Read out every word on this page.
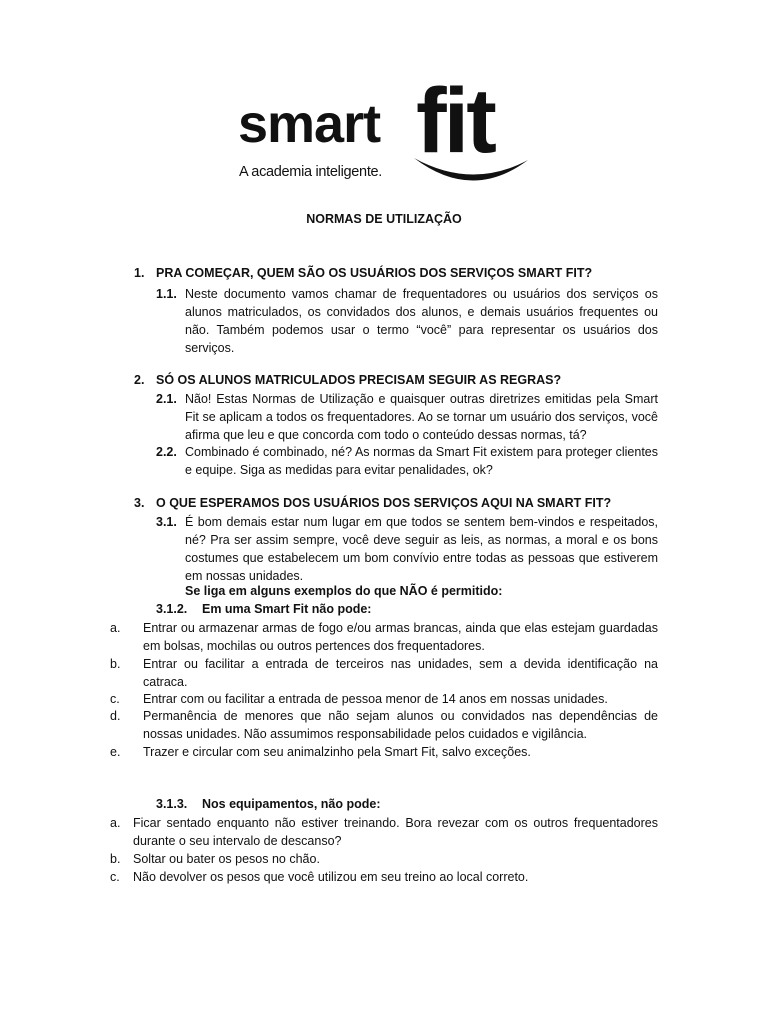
smart fit
A academia inteligente.
NORMAS DE UTILIZAÇÃO
1. PRA COMEÇAR, QUEM SÃO OS USUÁRIOS DOS SERVIÇOS SMART FIT?
1.1. Neste documento vamos chamar de frequentadores ou usuários dos serviços os alunos matriculados, os convidados dos alunos, e demais usuários frequentes ou não. Também podemos usar o termo “você” para representar os usuários dos serviços.
2. SÓ OS ALUNOS MATRICULADOS PRECISAM SEGUIR AS REGRAS?
2.1. Não! Estas Normas de Utilização e quaisquer outras diretrizes emitidas pela Smart Fit se aplicam a todos os frequentadores. Ao se tornar um usuário dos serviços, você afirma que leu e que concorda com todo o conteúdo dessas normas, tá?
2.2. Combinado é combinado, né? As normas da Smart Fit existem para proteger clientes e equipe. Siga as medidas para evitar penalidades, ok?
3. O QUE ESPERAMOS DOS USUÁRIOS DOS SERVIÇOS AQUI NA SMART FIT?
3.1. É bom demais estar num lugar em que todos se sentem bem-vindos e respeitados, né? Pra ser assim sempre, você deve seguir as leis, as normas, a moral e os bons costumes que estabelecem um bom convívio entre todas as pessoas que estiverem em nossas unidades.
Se liga em alguns exemplos do que NÃO é permitido:
3.1.2. Em uma Smart Fit não pode:
a.	Entrar ou armazenar armas de fogo e/ou armas brancas, ainda que elas estejam guardadas em bolsas, mochilas ou outros pertences dos frequentadores.
b.	Entrar ou facilitar a entrada de terceiros nas unidades, sem a devida identificação na catraca.
c.	Entrar com ou facilitar a entrada de pessoa menor de 14 anos em nossas unidades.
d.	Permanência de menores que não sejam alunos ou convidados nas dependências de nossas unidades. Não assumimos responsabilidade pelos cuidados e vigilância.
e.	Trazer e circular com seu animalzinho pela Smart Fit, salvo exceções.
3.1.3. Nos equipamentos, não pode:
a.	Ficar sentado enquanto não estiver treinando. Bora revezar com os outros frequentadores durante o seu intervalo de descanso?
b.	Soltar ou bater os pesos no chão.
c.	Não devolver os pesos que você utilizou em seu treino ao local correto.
